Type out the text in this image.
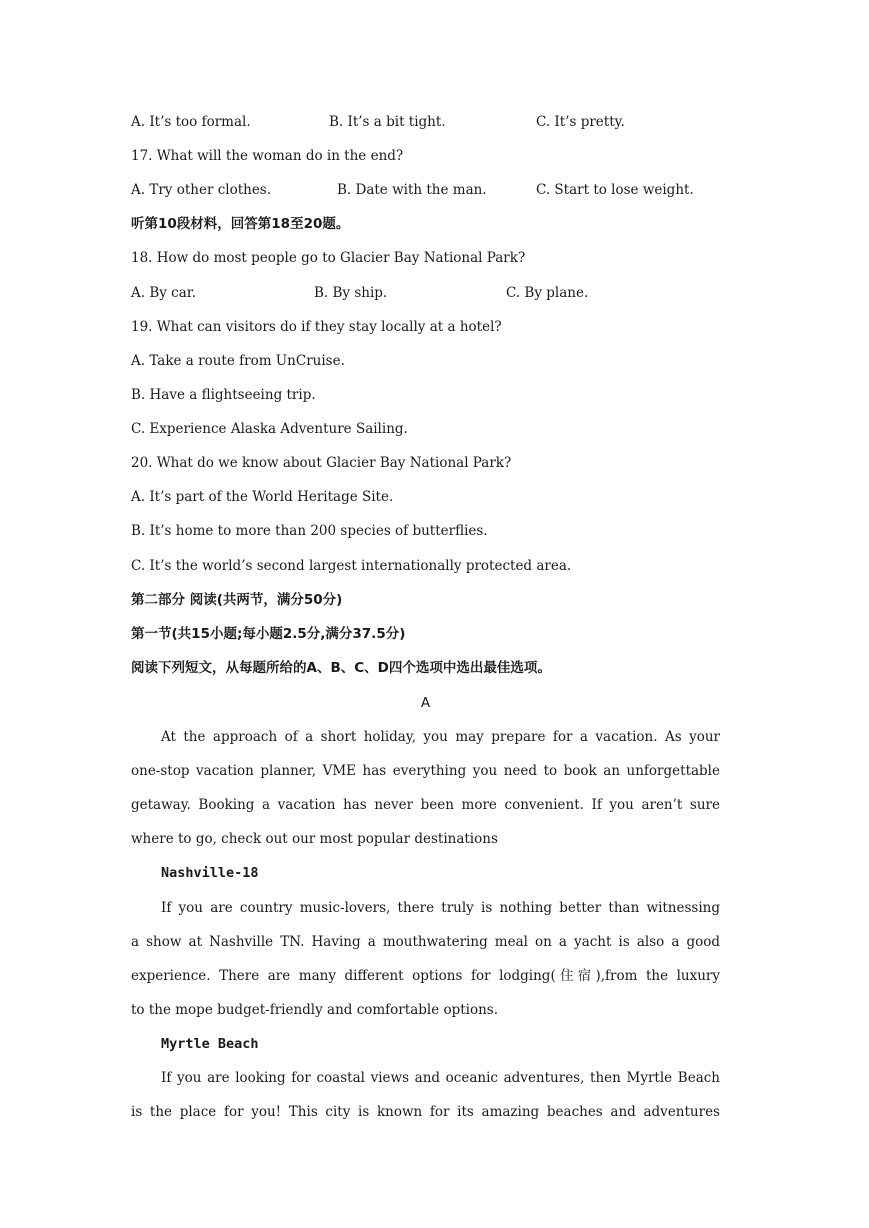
A. It’s too formal.	B. It’s a bit tight.	C. It’s pretty.

17. What will the woman do in the end?

A. Try other clothes.	B. Date with the man.	C. Start to lose weight.

听第10段材料，回答第18至20题。

18. How do most people go to Glacier Bay National Park?

A. By car.	B. By ship.	C. By plane.

19. What can visitors do if they stay locally at a hotel?

A. Take a route from UnCruise.

B. Have a flightseeing trip.

C. Experience Alaska Adventure Sailing.

20. What do we know about Glacier Bay National Park?

A. It’s part of the World Heritage Site.

B. It’s home to more than 200 species of butterflies.

C. It’s the world’s second largest internationally protected area.

第二部分 阅读(共两节，满分50分)

第一节(共15小题;每小题2.5分,满分37.5分)

阅读下列短文，从每题所给的A、B、C、D四个选项中选出最佳选项。

A

At the approach of a short holiday, you may prepare for a vacation. As your

one-stop vacation planner, VME has everything you need to book an unforgettable

getaway. Booking a vacation has never been more convenient. If you aren’t sure

where to go, check out our most popular destinations

Nashville-18

If you are country music-lovers, there truly is nothing better than witnessing

a show at Nashville TN. Having a mouthwatering meal on a yacht is also a good

experience. There are many different options for lodging(住宿),from the luxury

to the mope budget-friendly and comfortable options.

Myrtle Beach

If you are looking for coastal views and oceanic adventures, then Myrtle Beach

is the place for you! This city is known for its amazing beaches and adventures
